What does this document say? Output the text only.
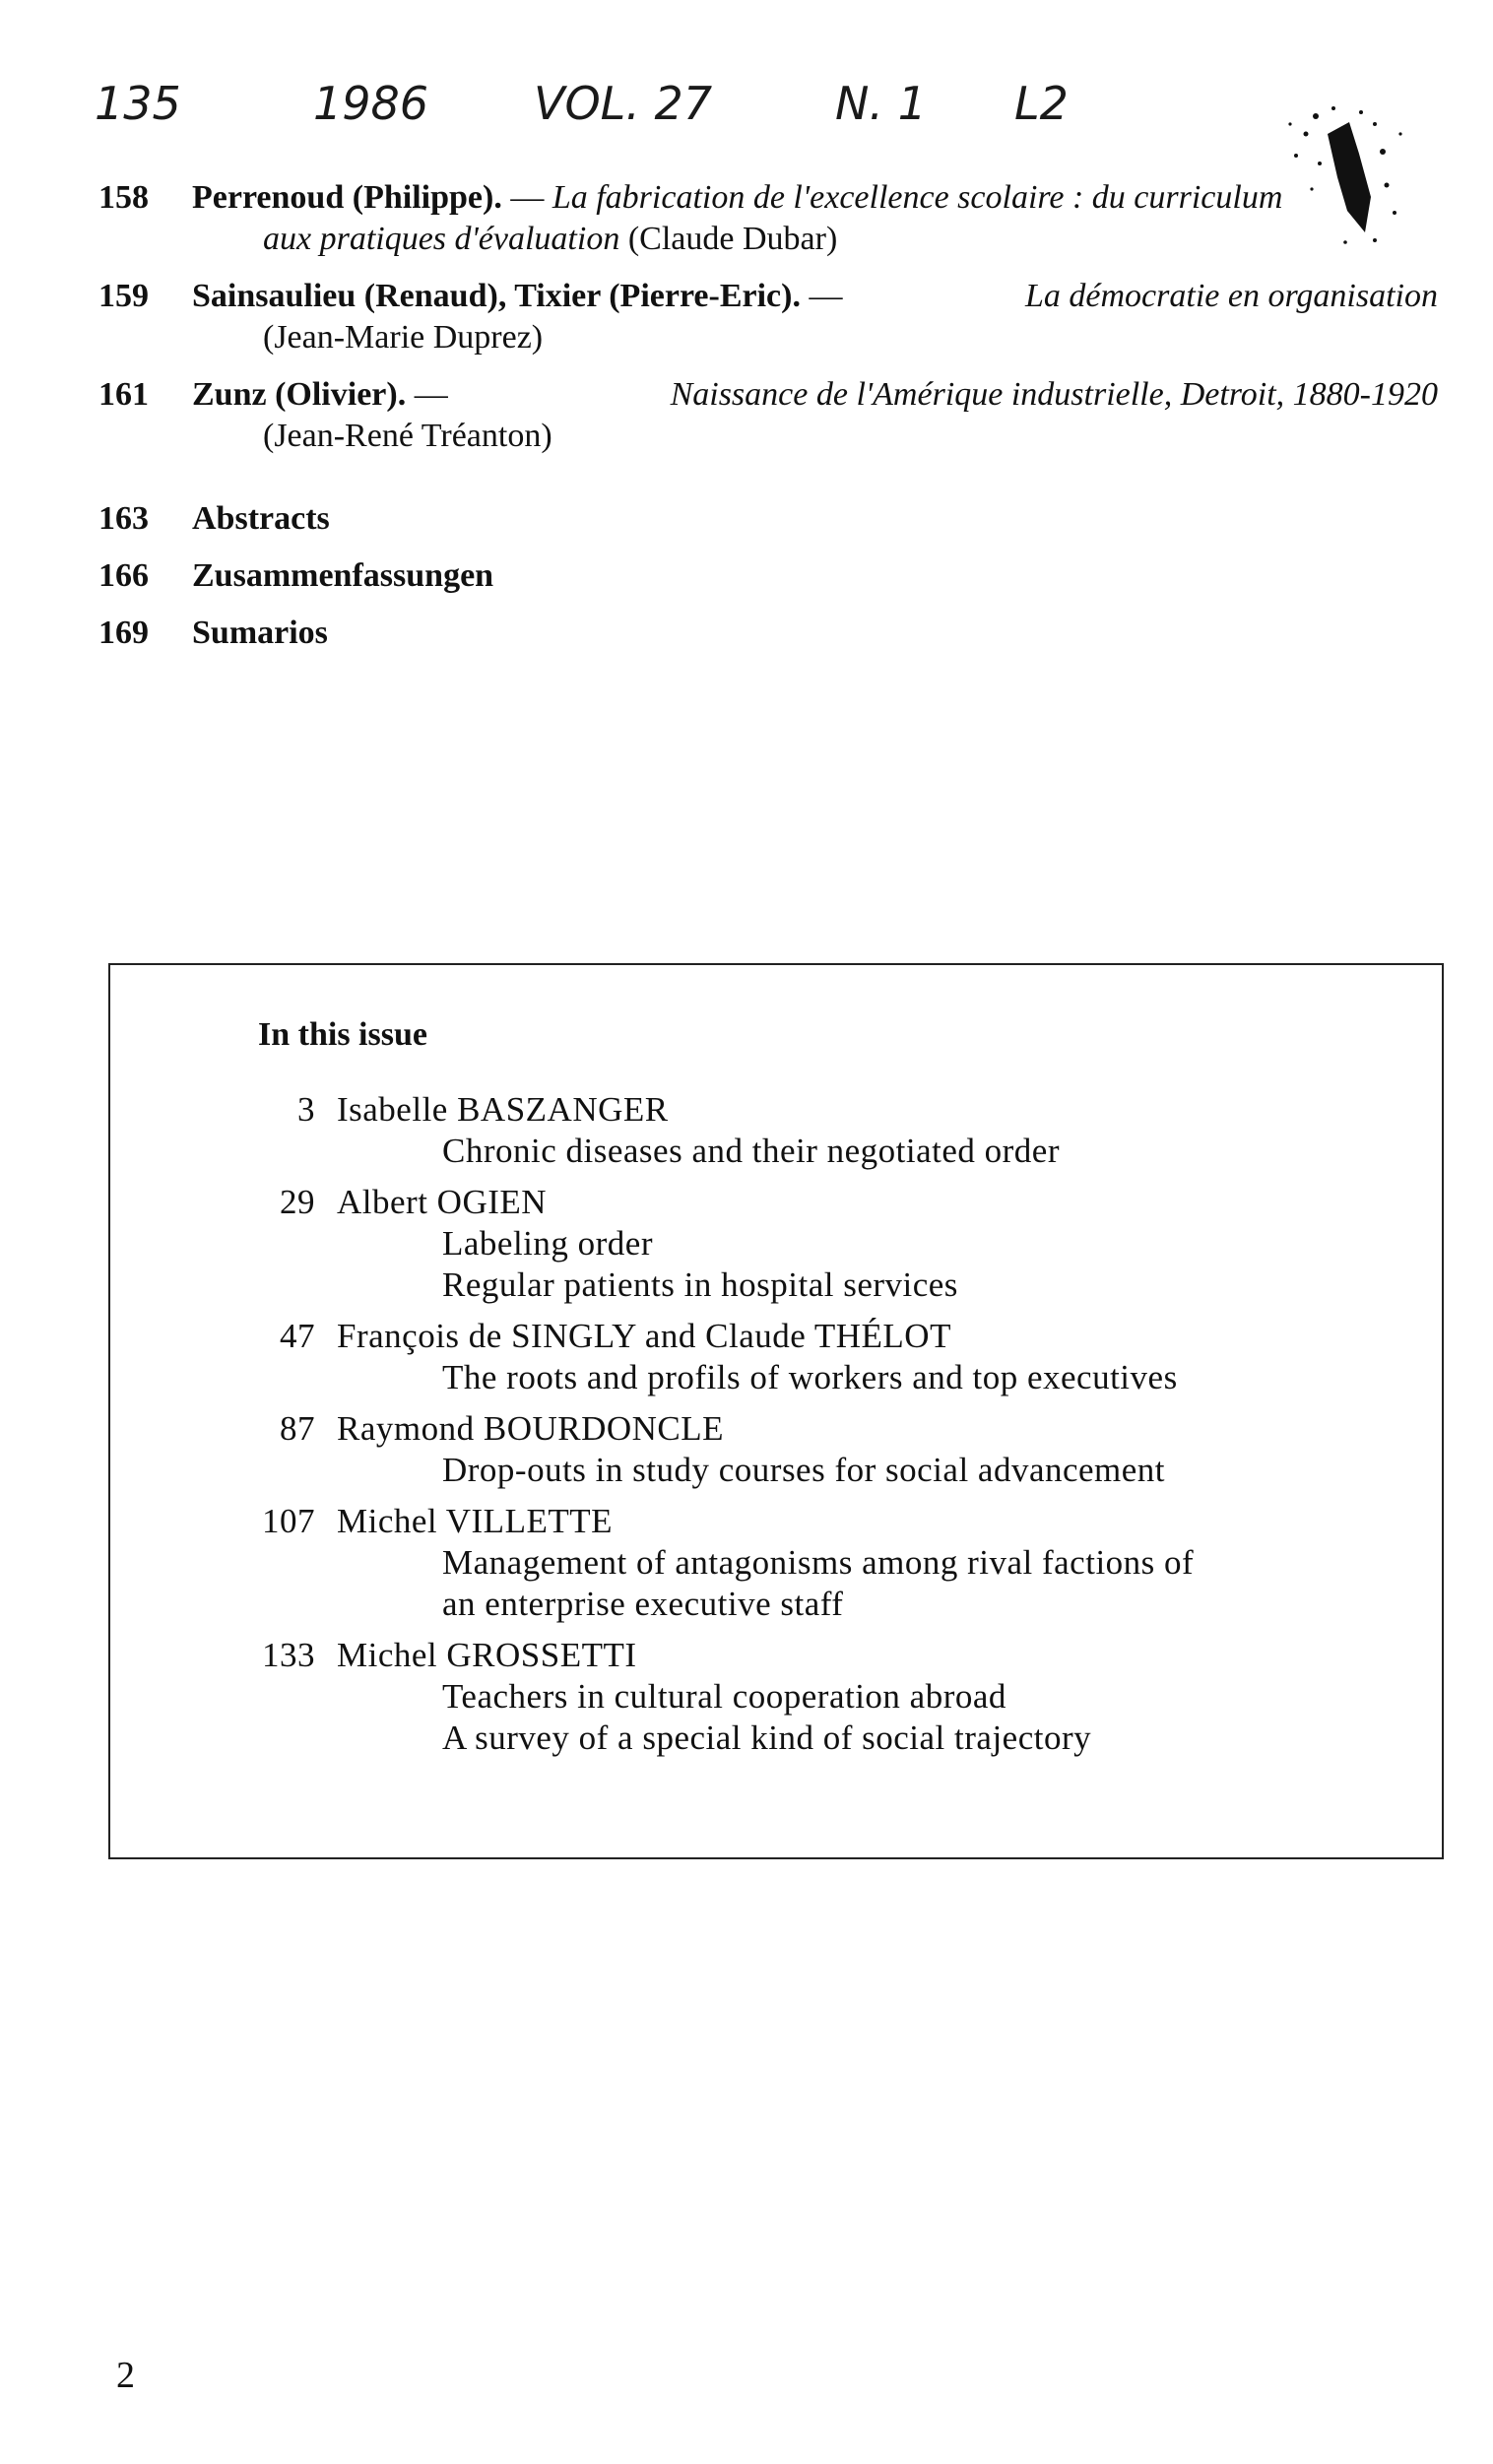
135	1986 VOL. 27	N. 1 L2
158	Perrenoud (Philippe). — La fabrication de l'excellence scolaire : du curriculum
aux pratiques d'évaluation (Claude Dubar)
159	Sainsaulieu (Renaud), Tixier (Pierre-Eric). —	La démocratie en organisation
(Jean-Marie Duprez)
161	Zunz (Olivier). —	Naissance de l'Amérique industrielle, Detroit, 1880-1920
(Jean-René Tréanton)
163	Abstracts
166	Zusammenfassungen
169	Sumarios
In this issue
3 Isabelle BASZANGER
Chronic diseases and their negotiated order
29 Albert OGIEN
Labeling order
Regular patients in hospital services
47 François de SINGLY and Claude THÉLOT
The roots and profils of workers and top executives
87 Raymond BOURDONCLE
Drop-outs in study courses for social advancement
107 Michel VILLETTE
Management of antagonisms among rival factions of
an enterprise executive staff
133 Michel GROSSETTI
Teachers in cultural cooperation abroad
A survey of a special kind of social trajectory
2
